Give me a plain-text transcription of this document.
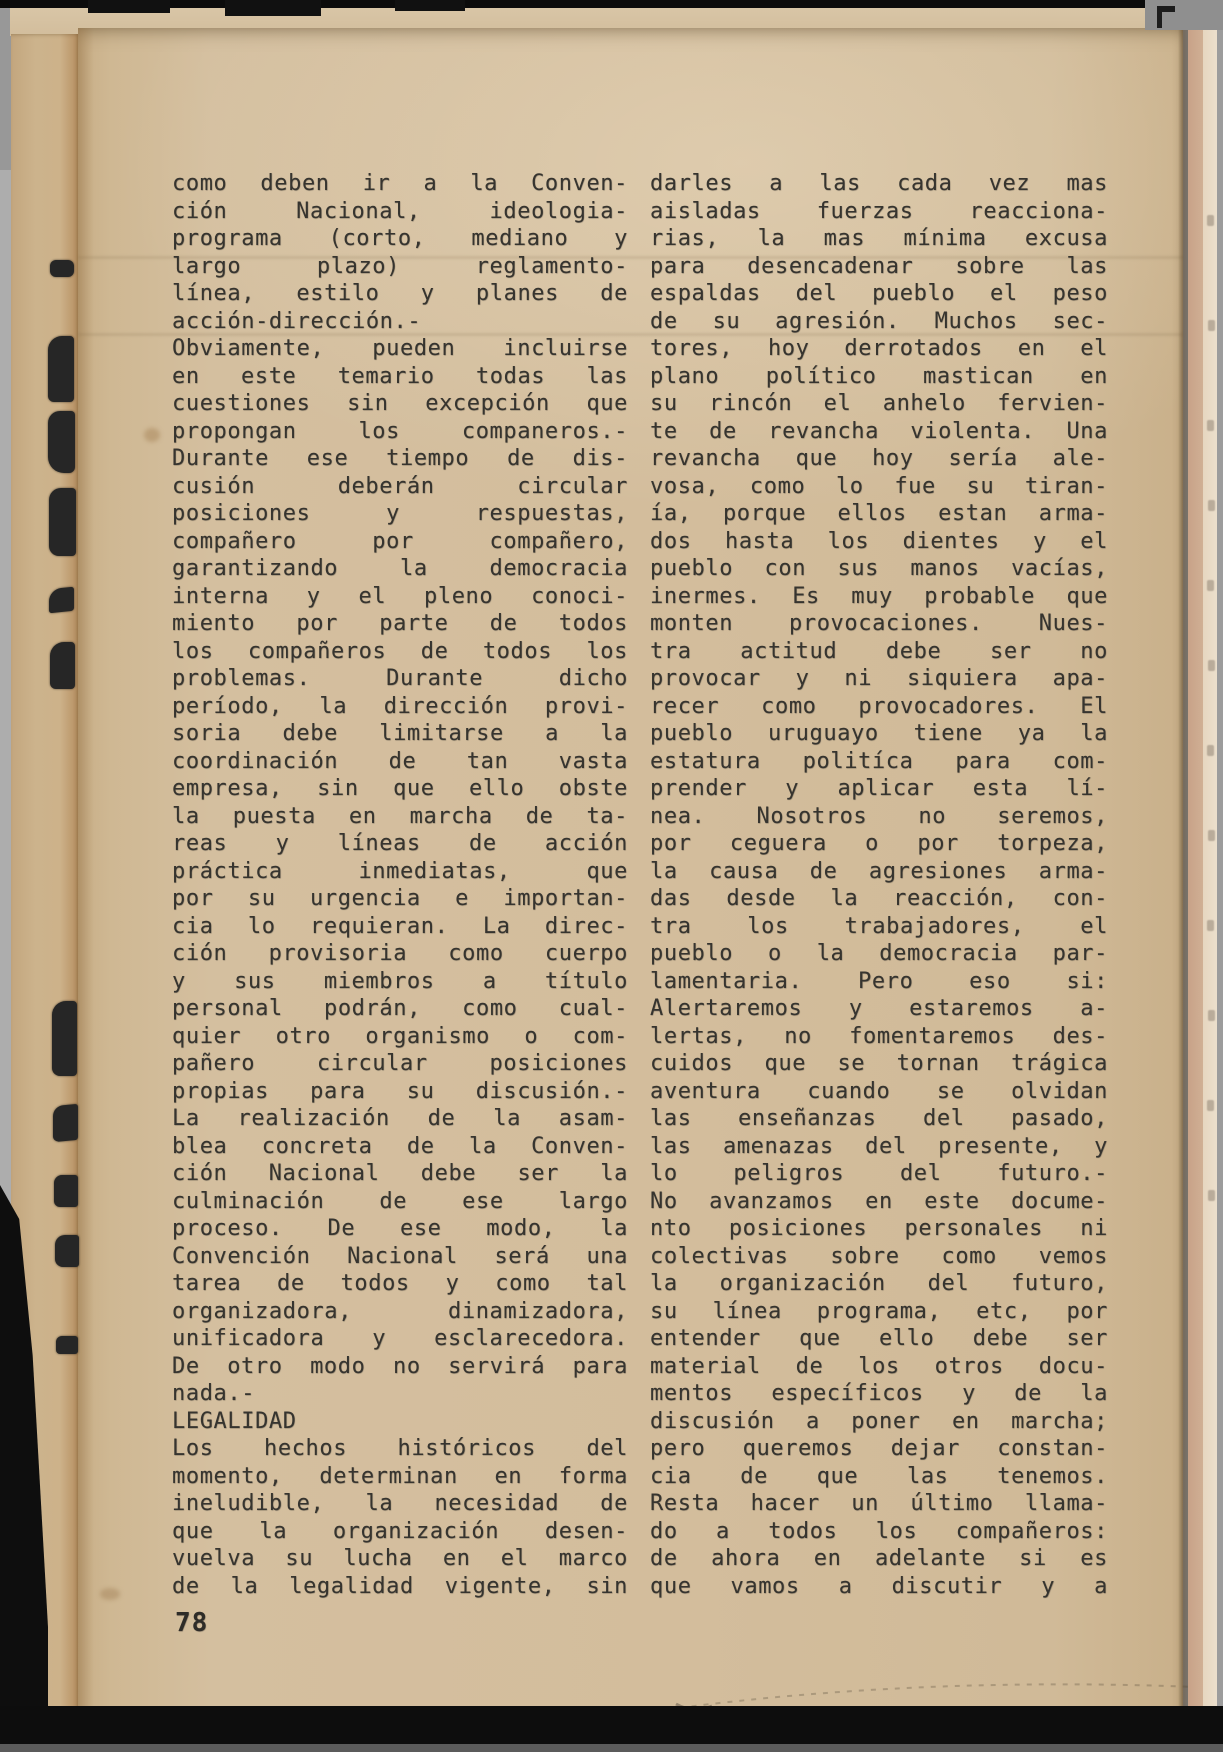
como deben ir a la Conven-
ción Nacional, ideologia-
programa (corto, mediano y
largo plazo) reglamento-
línea, estilo y planes de
acción-dirección.-
Obviamente, pueden incluirse
en este temario todas las
cuestiones sin excepción que
propongan los companeros.-
Durante ese tiempo de dis-
cusión deberán circular
posiciones y respuestas,
compañero por compañero,
garantizando la democracia
interna y el pleno conoci-
miento por parte de todos
los compañeros de todos los
problemas. Durante dicho
período, la dirección provi-
soria debe limitarse a la
coordinación de tan vasta
empresa, sin que ello obste
la puesta en marcha de ta-
reas y líneas de acción
práctica inmediatas, que
por su urgencia e importan-
cia lo requieran. La direc-
ción provisoria como cuerpo
y sus miembros a título
personal podrán, como cual-
quier otro organismo o com-
pañero circular posiciones
propias para su discusión.-
La realización de la asam-
blea concreta de la Conven-
ción Nacional debe ser la
culminación de ese largo
proceso. De ese modo, la
Convención Nacional será una
tarea de todos y como tal
organizadora, dinamizadora,
unificadora y esclarecedora.
De otro modo no servirá para
nada.-
LEGALIDAD
Los hechos históricos del
momento, determinan en forma
ineludible, la necesidad de
que la organización desen-
vuelva su lucha en el marco
de la legalidad vigente, sin
darles a las cada vez mas
aisladas fuerzas reacciona-
rias, la mas mínima excusa
para desencadenar sobre las
espaldas del pueblo el peso
de su agresión. Muchos sec-
tores, hoy derrotados en el
plano político mastican en
su rincón el anhelo fervien-
te de revancha violenta. Una
revancha que hoy sería ale-
vosa, como lo fue su tiran-
ía, porque ellos estan arma-
dos hasta los dientes y el
pueblo con sus manos vacías,
inermes. Es muy probable que
monten provocaciones. Nues-
tra actitud debe ser no
provocar y ni siquiera apa-
recer como provocadores. El
pueblo uruguayo tiene ya la
estatura politíca para com-
prender y aplicar esta lí-
nea. Nosotros no seremos,
por ceguera o por torpeza,
la causa de agresiones arma-
das desde la reacción, con-
tra los trabajadores, el
pueblo o la democracia par-
lamentaria. Pero eso si:
Alertaremos y estaremos a-
lertas, no fomentaremos des-
cuidos que se tornan trágica
aventura cuando se olvidan
las enseñanzas del pasado,
las amenazas del presente, y
lo peligros del futuro.-
No avanzamos en este docume-
nto posiciones personales ni
colectivas sobre como vemos
la organización del futuro,
su línea programa, etc, por
entender que ello debe ser
material de los otros docu-
mentos específicos y de la
discusión a poner en marcha;
pero queremos dejar constan-
cia de que las tenemos.
Resta hacer un último llama-
do a todos los compañeros:
de ahora en adelante si es
que vamos a discutir y a
78
